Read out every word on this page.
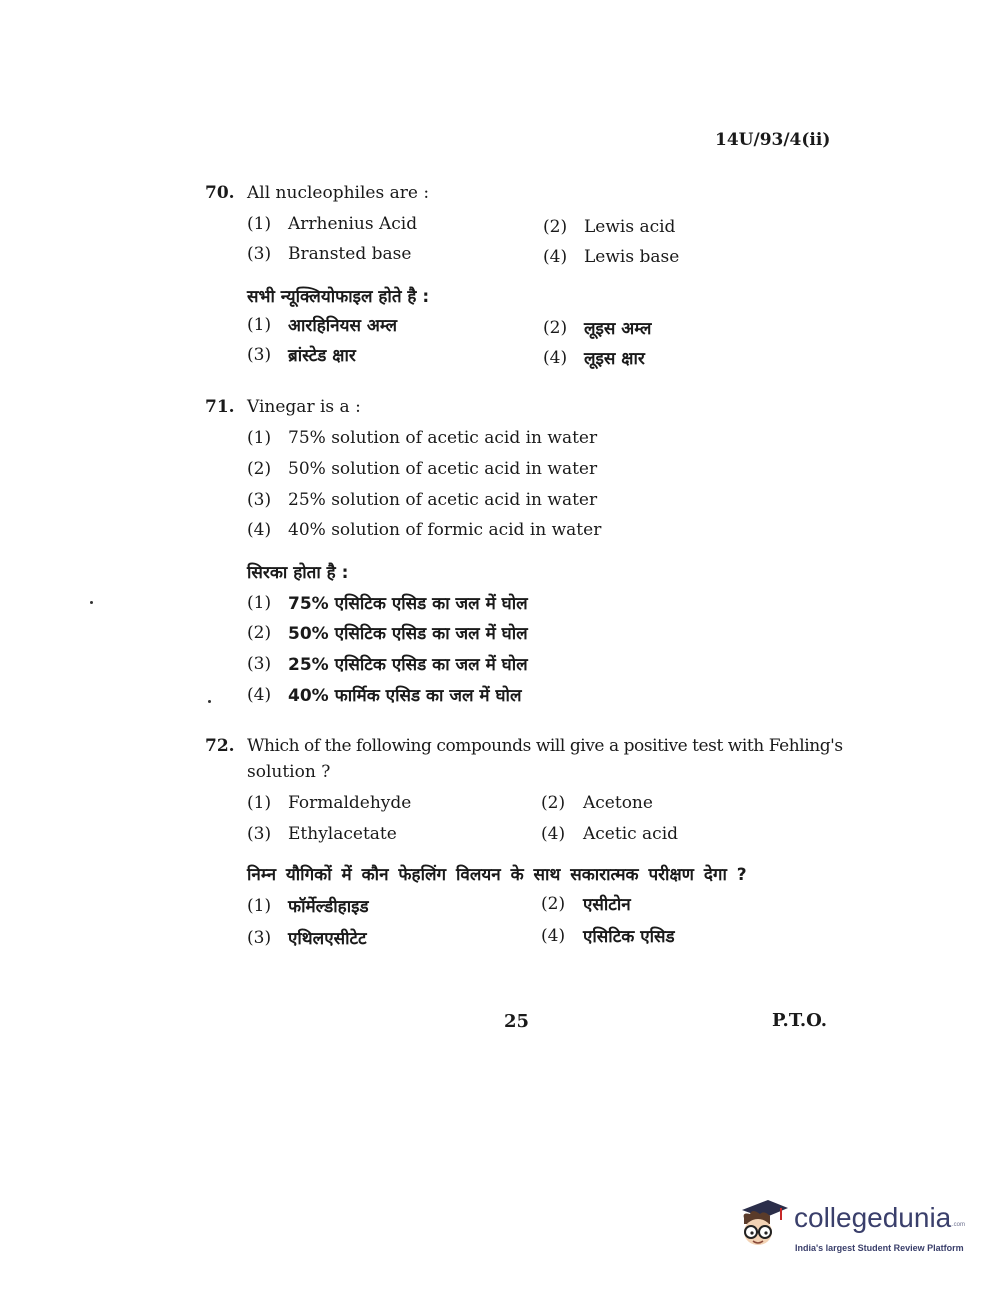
14U/93/4(ii)
70. All nucleophiles are :
(1) Arrhenius Acid	(2) Lewis acid
(3) Bransted base	(4) Lewis base
सभी न्यूक्लियोफाइल होते है :
(1) आरहिनियस अम्ल	(2) लूइस अम्ल
(3) ब्रांस्टेड क्षार	(4) लूइस क्षार
71. Vinegar is a :
(1) 75% solution of acetic acid in water
(2) 50% solution of acetic acid in water
(3) 25% solution of acetic acid in water
(4) 40% solution of formic acid in water
सिरका होता है :
(1) 75% एसिटिक एसिड का जल में घोल
(2) 50% एसिटिक एसिड का जल में घोल
(3) 25% एसिटिक एसिड का जल में घोल
(4) 40% फार्मिक एसिड का जल में घोल
72. Which of the following compounds will give a positive test with Fehling's
solution ?
(1) Formaldehyde	(2) Acetone
(3) Ethylacetate	(4) Acetic acid
निम्न यौगिकों में कौन फेहलिंग विलयन के साथ सकारात्मक परीक्षण देगा ?
(1) फॉर्मेल्डीहाइड	(2) एसीटोन
(3) एथिलएसीटेट	(4) एसिटिक एसिड
25	P.T.O.
collegedunia .com
India's largest Student Review Platform
